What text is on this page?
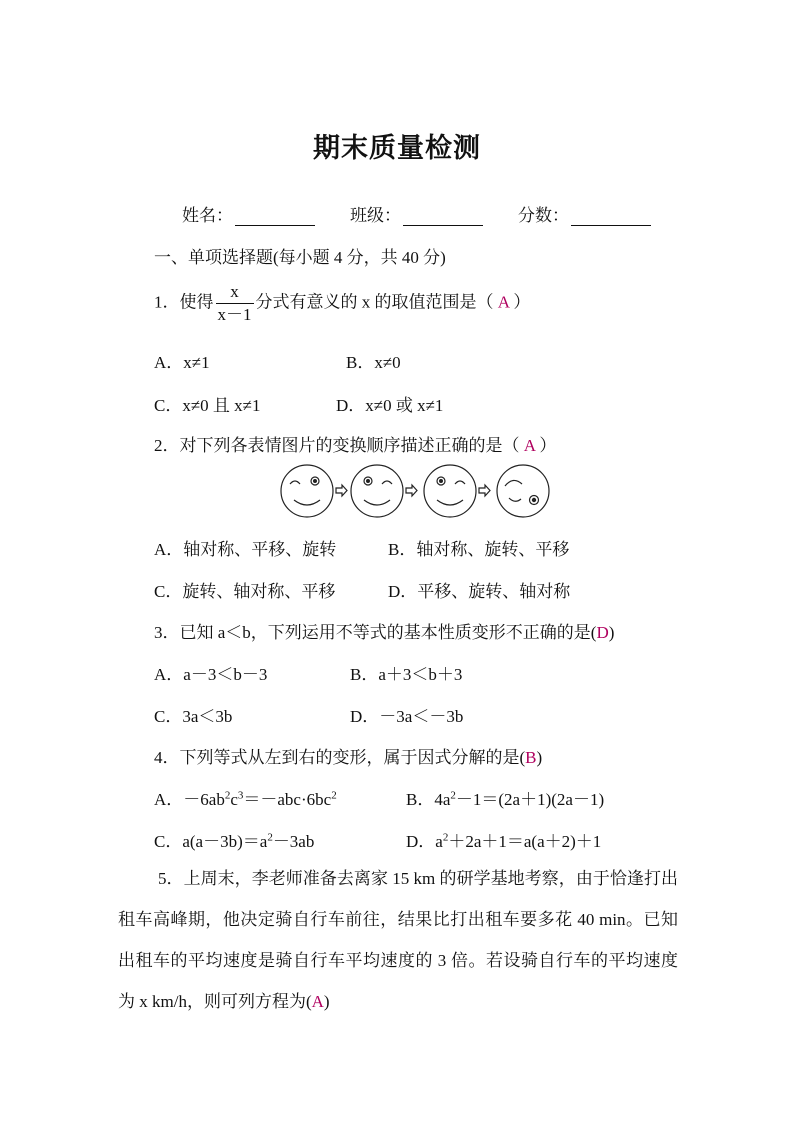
期末质量检测
姓名：	班级：	分数：
一、单项选择题(每小题 4 分，共 40 分)
1．使得 $\frac{x}{x-1}$ 分式有意义的 x 的取值范围是（ A ）
A．x≠1	B．x≠0
C．x≠0 且 x≠1	D．x≠0 或 x≠1
2．对下列各表情图片的变换顺序描述正确的是（ A ）
A．轴对称、平移、旋转	B．轴对称、旋转、平移
C．旋转、轴对称、平移	D．平移、旋转、轴对称
3．已知 a＜b，下列运用不等式的基本性质变形不正确的是(D)
A．a－3＜b－3	B．a＋3＜b＋3
C．3a＜3b	D．－3a＜－3b
4．下列等式从左到右的变形，属于因式分解的是(B)
A．$-6ab^2c^3=-abc\cdot 6bc^2$	B．$4a^2-1=(2a+1)(2a-1)$
C．$a(a-3b)=a^2-3ab$	D．$a^2+2a+1=a(a+2)+1$
5．上周末，李老师准备去离家 15 km 的研学基地考察，由于恰逢打出租车高峰期，他决定骑自行车前往，结果比打出租车要多花 40 min。已知出租车的平均速度是骑自行车平均速度的 3 倍。若设骑自行车的平均速度为 x km/h，则可列方程为(A)
